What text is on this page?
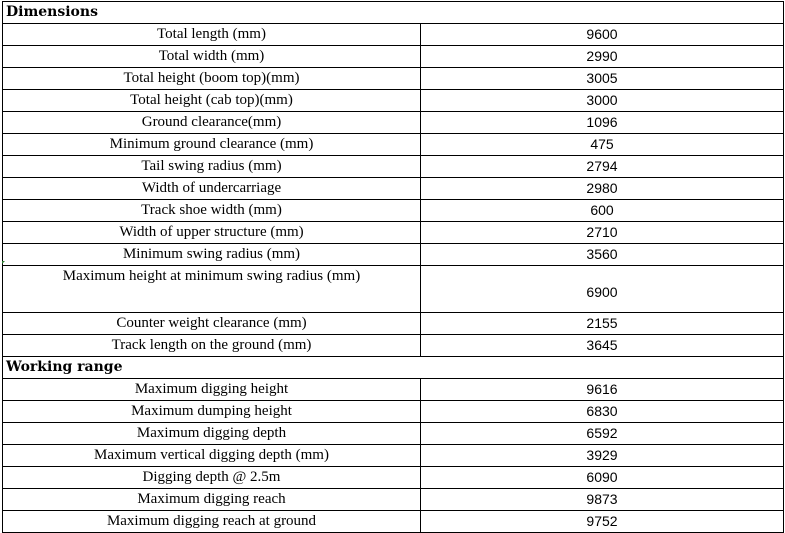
Dimensions	
Total length (mm)	9600
Total width (mm)	2990
Total height (boom top)(mm)	3005
Total height (cab top)(mm)	3000
Ground clearance(mm)	1096
Minimum ground clearance (mm)	475
Tail swing radius (mm)	2794
Width of undercarriage	2980
Track shoe width (mm)	600
Width of upper structure (mm)	2710
Minimum swing radius (mm)	3560
Maximum height at minimum swing radius (mm)	6900
Counter weight clearance (mm)	2155
Track length on the ground (mm)	3645
Working range	
Maximum digging height	9616
Maximum dumping height	6830
Maximum digging depth	6592
Maximum vertical digging depth (mm)	3929
Digging depth @ 2.5m	6090
Maximum digging reach	9873
Maximum digging reach at ground	9752
